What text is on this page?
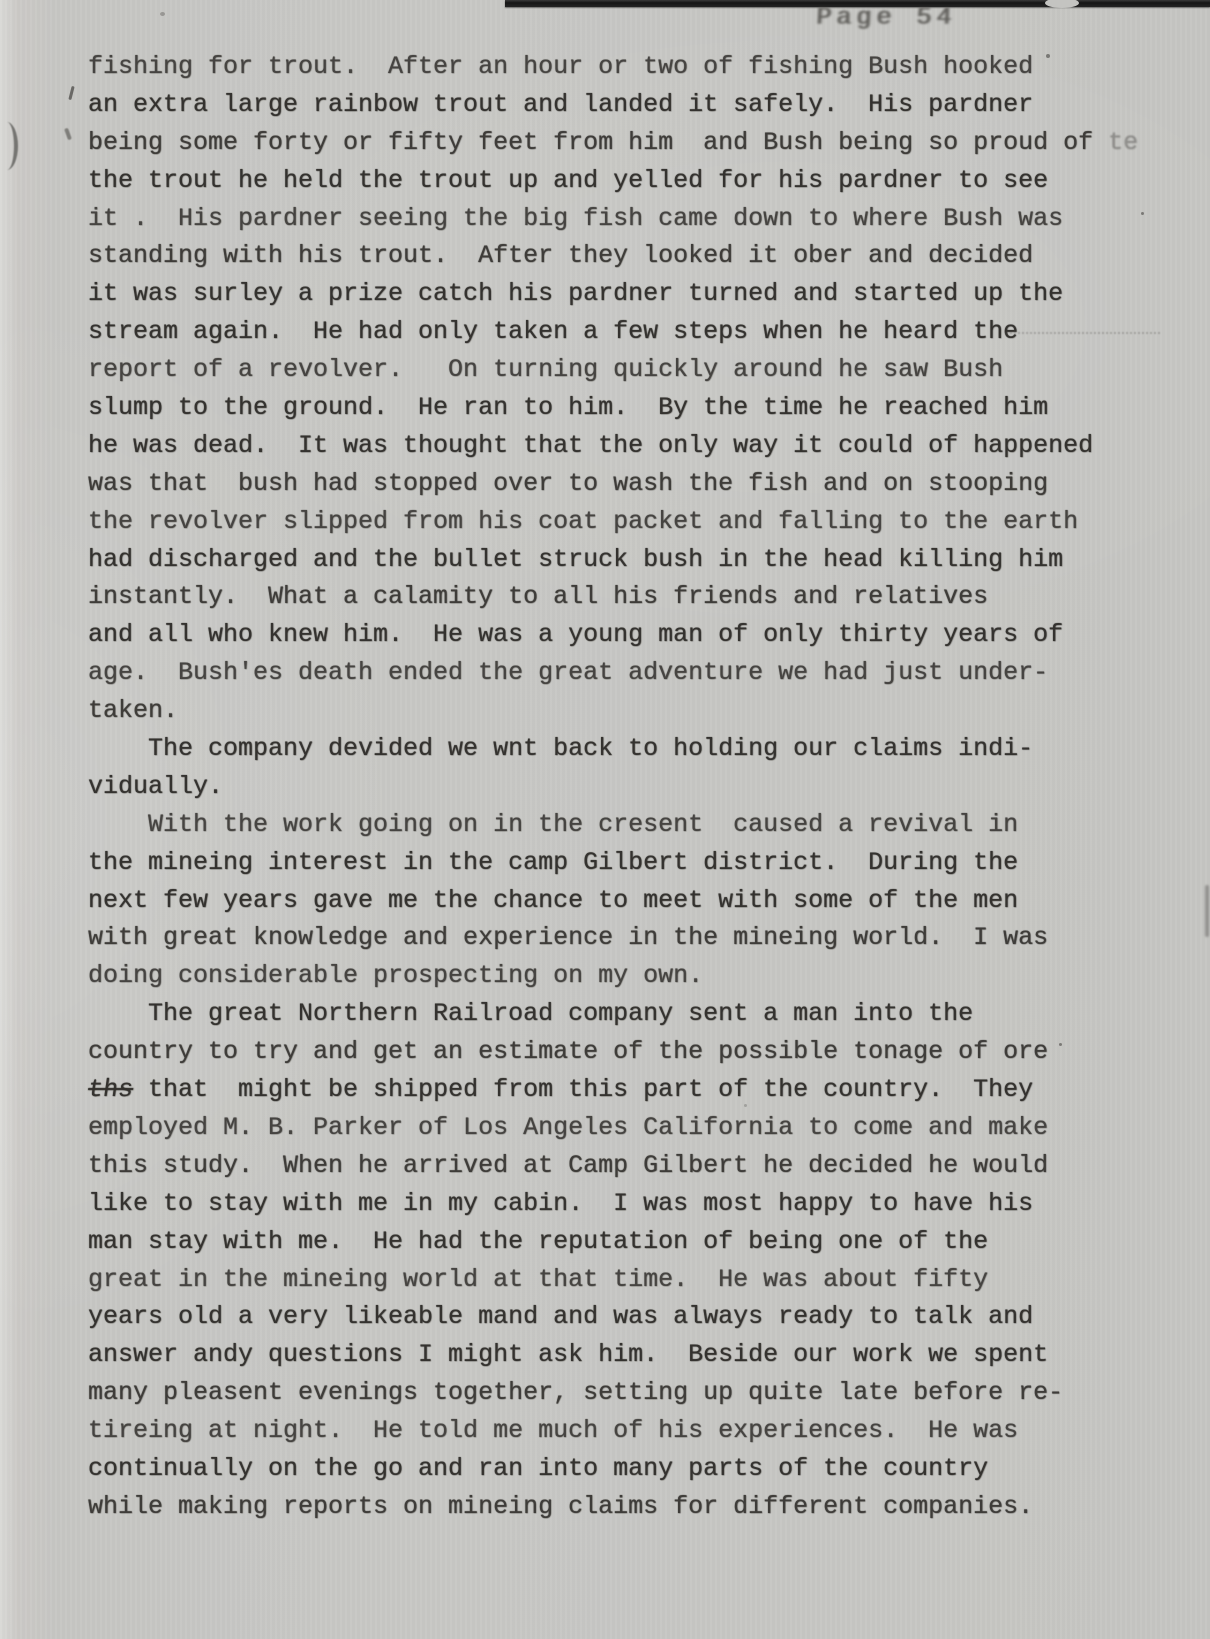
Page 54
fishing for trout.  After an hour or two of fishing Bush hooked
an extra large rainbow trout and landed it safely.  His pardner
being some forty or fifty feet from him  and Bush being so proud of te
the trout he held the trout up and yelled for his pardner to see
it .  His pardner seeing the big fish came down to where Bush was
standing with his trout.  After they looked it ober and decided
it was surley a prize catch his pardner turned and started up the
stream again.  He had only taken a few steps when he heard the
report of a revolver.   On turning quickly around he saw Bush
slump to the ground.  He ran to him.  By the time he reached him
he was dead.  It was thought that the only way it could of happened
was that  bush had stopped over to wash the fish and on stooping
the revolver slipped from his coat packet and falling to the earth
had discharged and the bullet struck bush in the head killing him
instantly.  What a calamity to all his friends and relatives
and all who knew him.  He was a young man of only thirty years of
age.  Bush'es death ended the great adventure we had just under-
taken.
The company devided we wnt back to holding our claims indi-
vidually.
With the work going on in the cresent  caused a revival in
the mineing interest in the camp Gilbert district.  During the
next few years gave me the chance to meet with some of the men
with great knowledge and experience in the mineing world.  I was
doing considerable prospecting on my own.
The great Northern Railroad company sent a man into the
country to try and get an estimate of the possible tonage of ore
ths that  might be shipped from this part of the country.  They
employed M. B. Parker of Los Angeles California to come and make
this study.  When he arrived at Camp Gilbert he decided he would
like to stay with me in my cabin.  I was most happy to have his
man stay with me.  He had the reputation of being one of the
great in the mineing world at that time.  He was about fifty
years old a very likeable mand and was always ready to talk and
answer andy questions I might ask him.  Beside our work we spent
many pleasent evenings together, setting up quite late before re-
tireing at night.  He told me much of his experiences.  He was
continually on the go and ran into many parts of the country
while making reports on mineing claims for different companies.
